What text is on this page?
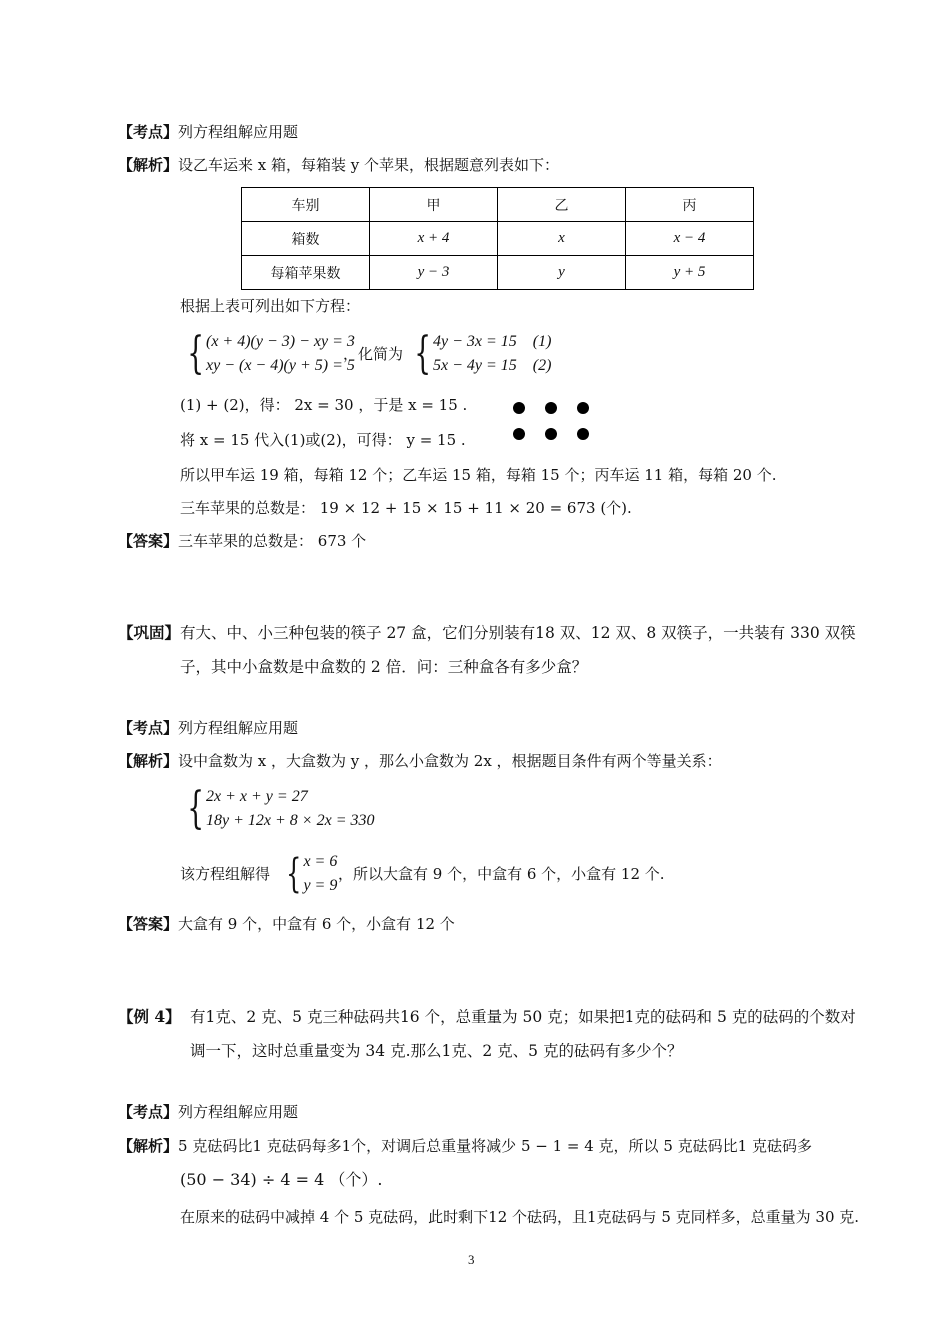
【考点】列方程组解应用题
【解析】设乙车运来 x 箱，每箱装 y 个苹果，根据题意列表如下：
车别	甲	乙	丙
箱数	x + 4	x	x − 4
每箱苹果数	y − 3	y	y + 5
根据上表可列出如下方程：
{ (x + 4)(y − 3) − xy = 3
xy − (x − 4)(y + 5) = 5
，化简为 { 4y − 3x = 15    (1)
5x − 4y = 15    (2)
(1) + (2)，得： 2x = 30 ，于是 x = 15 .
将 x = 15 代入(1)或(2)，可得： y = 15 .
所以甲车运 19 箱，每箱 12 个；乙车运 15 箱，每箱 15 个；丙车运 11 箱，每箱 20 个.
三车苹果的总数是： 19 × 12 + 15 × 15 + 11 × 20 = 673 (个).
【答案】三车苹果的总数是： 673 个
【巩固】有大、中、小三种包装的筷子 27 盒，它们分别装有18 双、12 双、8 双筷子，一共装有 330 双筷
子，其中小盒数是中盒数的 2 倍．问：三种盒各有多少盒？
【考点】列方程组解应用题
【解析】设中盒数为 x ，大盒数为 y ，那么小盒数为 2x ，根据题目条件有两个等量关系：
{ 2x + x + y = 27
18y + 12x + 8 × 2x = 330
该方程组解得 { x = 6
y = 9
，所以大盒有 9 个，中盒有 6 个，小盒有 12 个.
【答案】大盒有 9 个，中盒有 6 个，小盒有 12 个
【例 4】 有1克、2 克、5 克三种砝码共16 个，总重量为 50 克；如果把1克的砝码和 5 克的砝码的个数对
调一下，这时总重量变为 34 克.那么1克、2 克、5 克的砝码有多少个？
【考点】列方程组解应用题
【解析】5 克砝码比1 克砝码每多1个，对调后总重量将减少 5 − 1 = 4 克，所以 5 克砝码比1 克砝码多
(50 − 34) ÷ 4 = 4 （个）.
在原来的砝码中减掉 4 个 5 克砝码，此时剩下12 个砝码，且1克砝码与 5 克同样多，总重量为 30 克.
3
